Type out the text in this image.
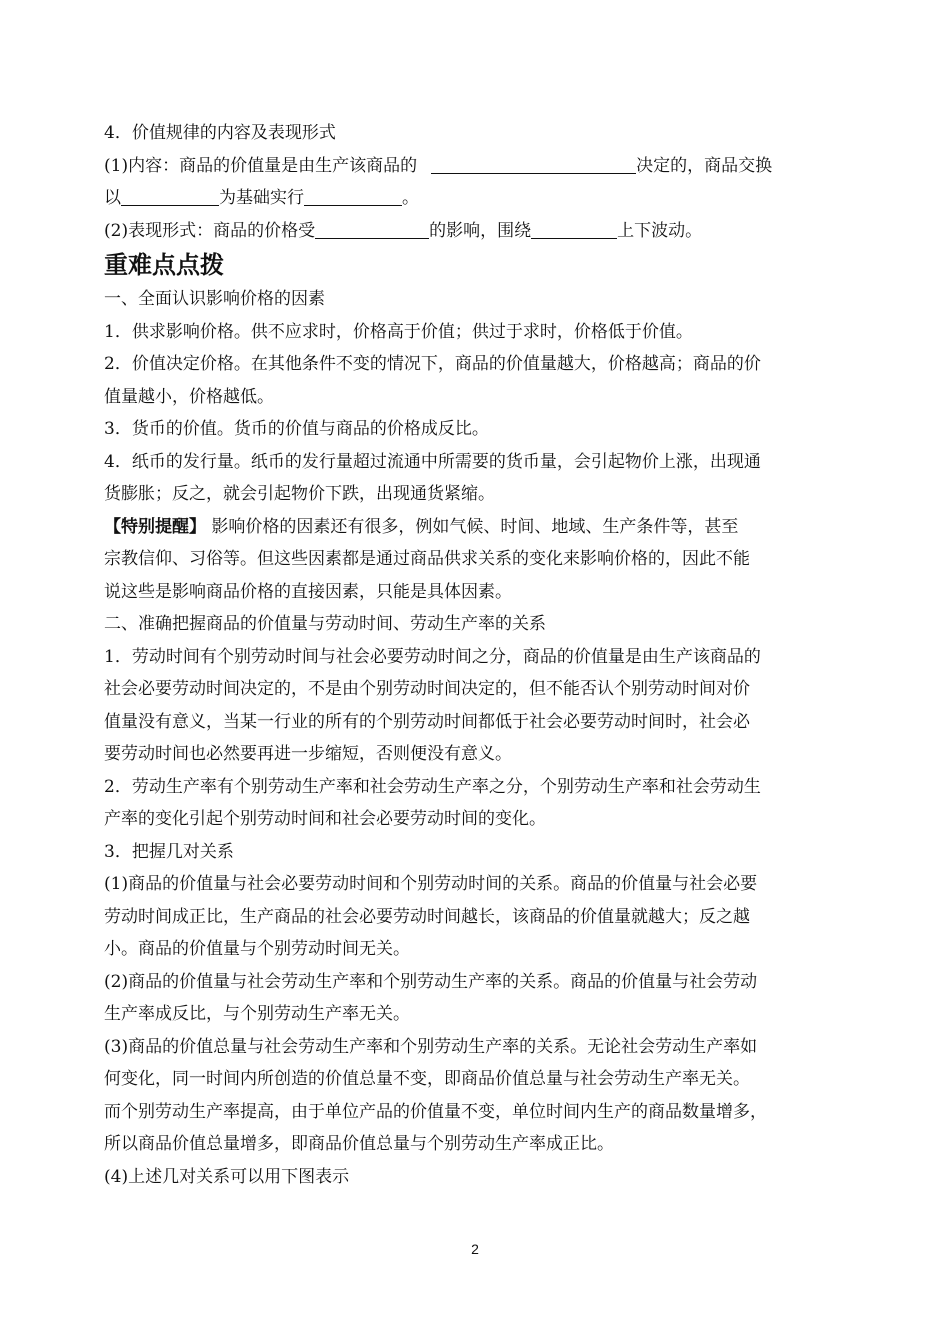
4．价值规律的内容及表现形式
(1)内容：商品的价值量是由生产该商品的	决定的，商品交换
以	为基础实行	。
(2)表现形式：商品的价格受	的影响，围绕	上下波动。
重难点点拨
一、全面认识影响价格的因素
1．供求影响价格。供不应求时，价格高于价值；供过于求时，价格低于价值。
2．价值决定价格。在其他条件不变的情况下，商品的价值量越大，价格越高；商品的价
值量越小，价格越低。
3．货币的价值。货币的价值与商品的价格成反比。
4．纸币的发行量。纸币的发行量超过流通中所需要的货币量，会引起物价上涨，出现通
货膨胀；反之，就会引起物价下跌，出现通货紧缩。
【特别提醒】 影响价格的因素还有很多，例如气候、时间、地域、生产条件等，甚至
宗教信仰、习俗等。但这些因素都是通过商品供求关系的变化来影响价格的，因此不能
说这些是影响商品价格的直接因素，只能是具体因素。
二、准确把握商品的价值量与劳动时间、劳动生产率的关系
1．劳动时间有个别劳动时间与社会必要劳动时间之分，商品的价值量是由生产该商品的
社会必要劳动时间决定的，不是由个别劳动时间决定的，但不能否认个别劳动时间对价
值量没有意义，当某一行业的所有的个别劳动时间都低于社会必要劳动时间时，社会必
要劳动时间也必然要再进一步缩短，否则便没有意义。
2．劳动生产率有个别劳动生产率和社会劳动生产率之分，个别劳动生产率和社会劳动生
产率的变化引起个别劳动时间和社会必要劳动时间的变化。
3．把握几对关系
(1)商品的价值量与社会必要劳动时间和个别劳动时间的关系。商品的价值量与社会必要
劳动时间成正比，生产商品的社会必要劳动时间越长，该商品的价值量就越大；反之越
小。商品的价值量与个别劳动时间无关。
(2)商品的价值量与社会劳动生产率和个别劳动生产率的关系。商品的价值量与社会劳动
生产率成反比，与个别劳动生产率无关。
(3)商品的价值总量与社会劳动生产率和个别劳动生产率的关系。无论社会劳动生产率如
何变化，同一时间内所创造的价值总量不变，即商品价值总量与社会劳动生产率无关。
而个别劳动生产率提高，由于单位产品的价值量不变，单位时间内生产的商品数量增多，
所以商品价值总量增多，即商品价值总量与个别劳动生产率成正比。
(4)上述几对关系可以用下图表示
2
